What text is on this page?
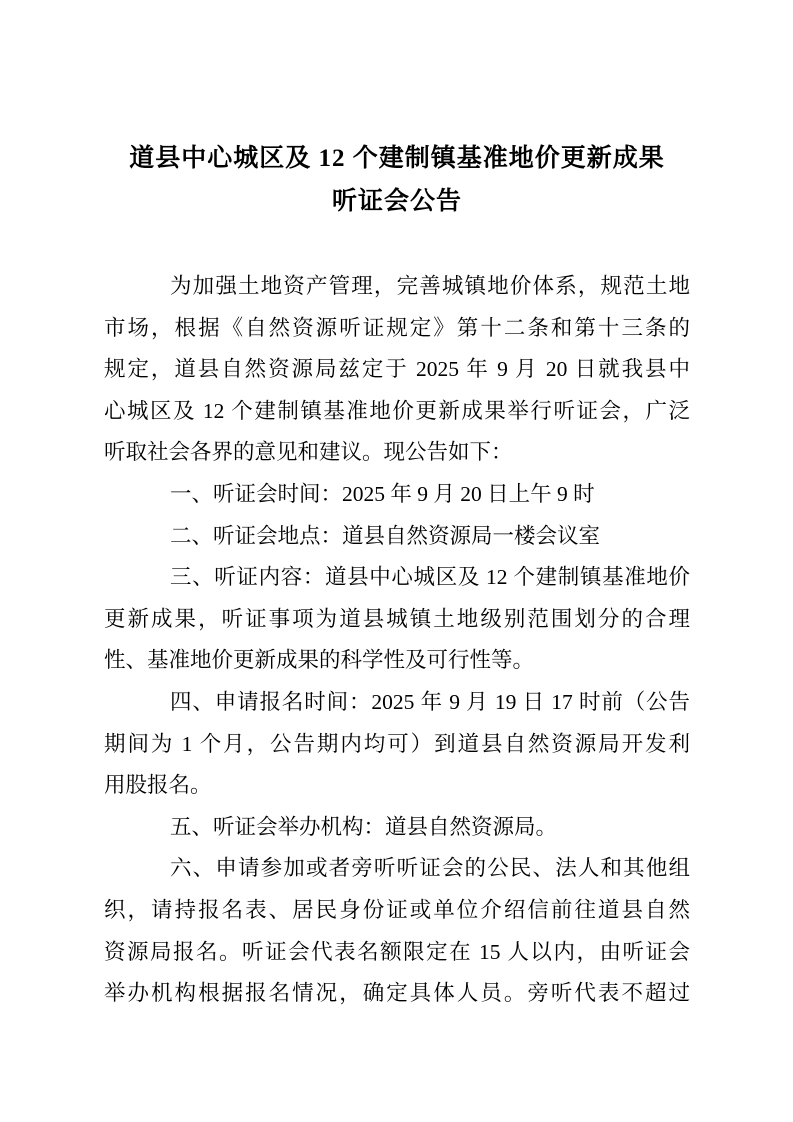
道县中心城区及 12 个建制镇基准地价更新成果
听证会公告
为加强土地资产管理，完善城镇地价体系，规范土地
市场，根据《自然资源听证规定》第十二条和第十三条的
规定，道县自然资源局兹定于 2025 年 9 月 20 日就我县中
心城区及 12 个建制镇基准地价更新成果举行听证会，广泛
听取社会各界的意见和建议。现公告如下：
一、听证会时间：2025 年 9 月 20 日上午 9 时
二、听证会地点：道县自然资源局一楼会议室
三、听证内容：道县中心城区及 12 个建制镇基准地价
更新成果，听证事项为道县城镇土地级别范围划分的合理
性、基准地价更新成果的科学性及可行性等。
四、申请报名时间：2025 年 9 月 19 日 17 时前（公告
期间为 1 个月，公告期内均可）到道县自然资源局开发利
用股报名。
五、听证会举办机构：道县自然资源局。
六、申请参加或者旁听听证会的公民、法人和其他组
织，请持报名表、居民身份证或单位介绍信前往道县自然
资源局报名。听证会代表名额限定在 15 人以内，由听证会
举办机构根据报名情况，确定具体人员。旁听代表不超过
